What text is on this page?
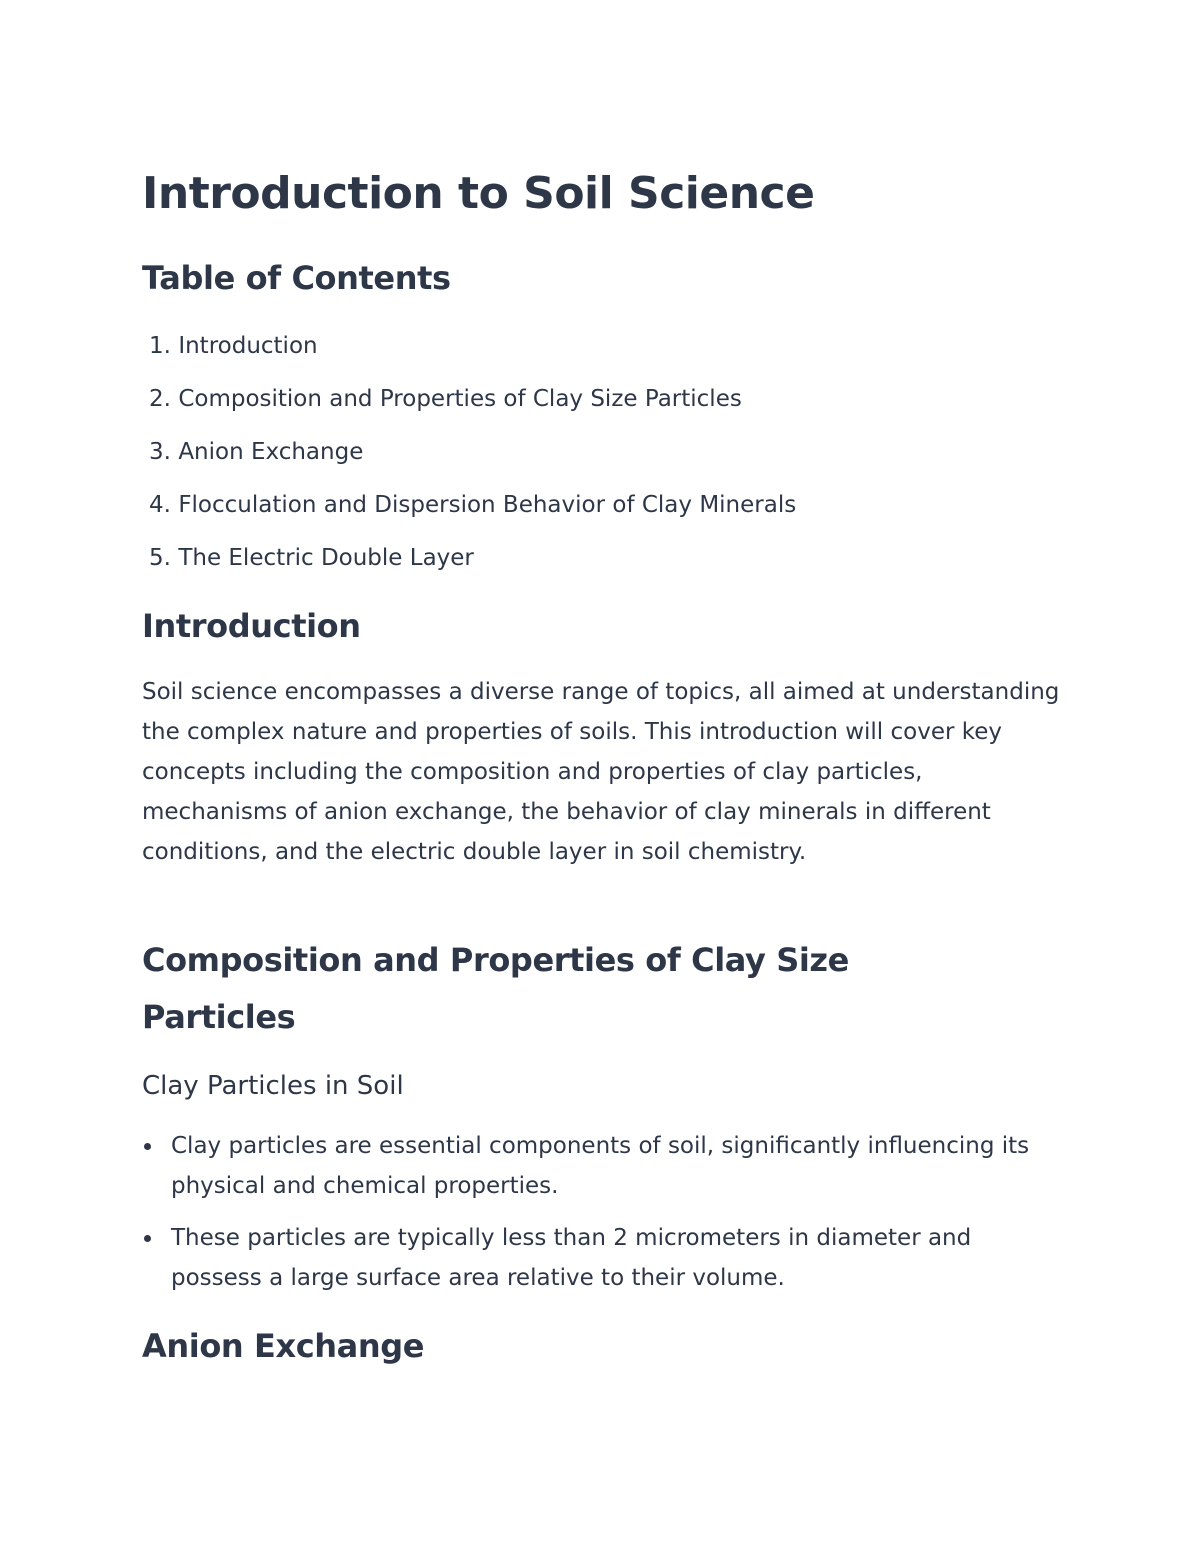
Introduction to Soil Science
Table of Contents
1. Introduction
2. Composition and Properties of Clay Size Particles
3. Anion Exchange
4. Flocculation and Dispersion Behavior of Clay Minerals
5. The Electric Double Layer
Introduction

Soil science encompasses a diverse range of topics, all aimed at understanding the complex nature and properties of soils. This introduction will cover key concepts including the composition and properties of clay particles, mechanisms of anion exchange, the behavior of clay minerals in different conditions, and the electric double layer in soil chemistry.

Composition and Properties of Clay Size
Particles
Clay Particles in Soil
Clay particles are essential components of soil, significantly influencing its physical and chemical properties.
These particles are typically less than 2 micrometers in diameter and possess a large surface area relative to their volume.
Anion Exchange
